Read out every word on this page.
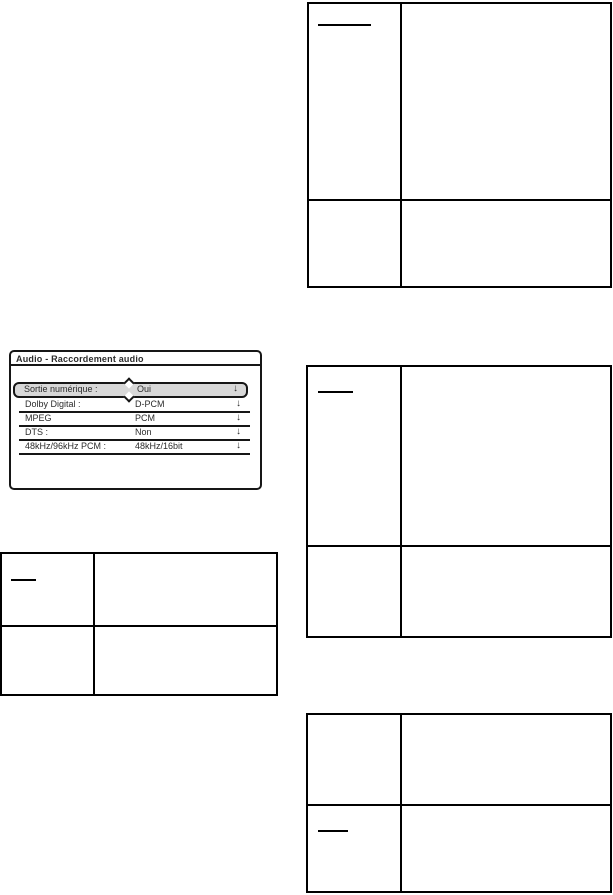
Audio - Raccordement audio
Sortie numérique :	Oui	↓
Dolby Digital :	D-PCM	↓
MPEG	PCM	↓
DTS :	Non	↓
48kHz/96kHz PCM :	48kHz/16bit	↓
